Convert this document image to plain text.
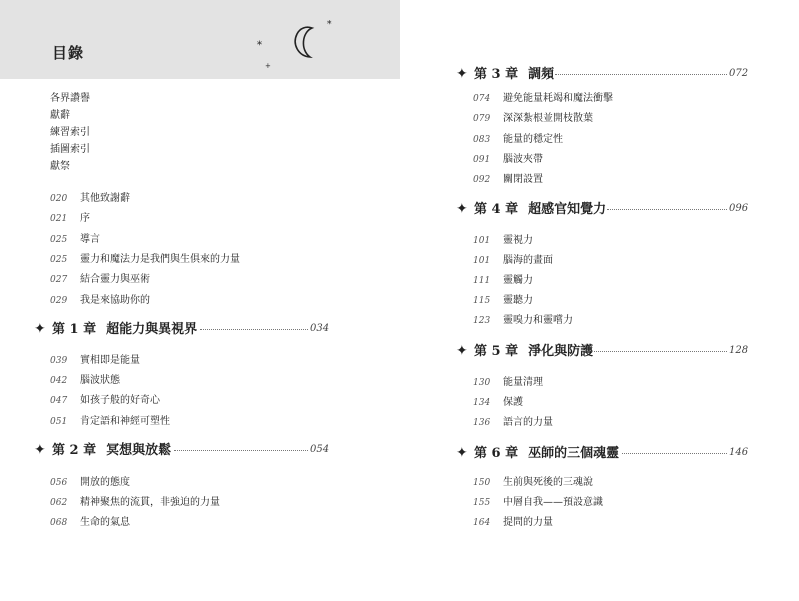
目錄	*
*
+
各界讚譽
獻辭
練習索引
插圖索引
獻祭
020 其他致謝辭
021 序
025 導言
025 靈力和魔法力是我們與生俱來的力量
027 結合靈力與巫術
029 我是來協助你的
✦ 第 1 章 超能力與異視界	034
039 實相即是能量
042 腦波狀態
047 如孩子般的好奇心
051 肯定語和神經可塑性
✦ 第 2 章 冥想與放鬆	054
056 開放的態度
062 精神聚焦的流貫，非強迫的力量
068 生命的氣息
✦ 第 3 章 調頻	072
074 避免能量耗竭和魔法衝擊
079 深深紮根並開枝散葉
083 能量的穩定性
091 腦波夾帶
092 關閉設置
✦ 第 4 章 超感官知覺力	096
101 靈視力
101 腦海的畫面
111 靈觸力
115 靈聽力
123 靈嗅力和靈嚐力
✦ 第 5 章 淨化與防護	128
130 能量清理
134 保護
136 語言的力量
✦ 第 6 章 巫師的三個魂靈	146
150 生前與死後的三魂說
155 中層自我——預設意識
164 提問的力量
